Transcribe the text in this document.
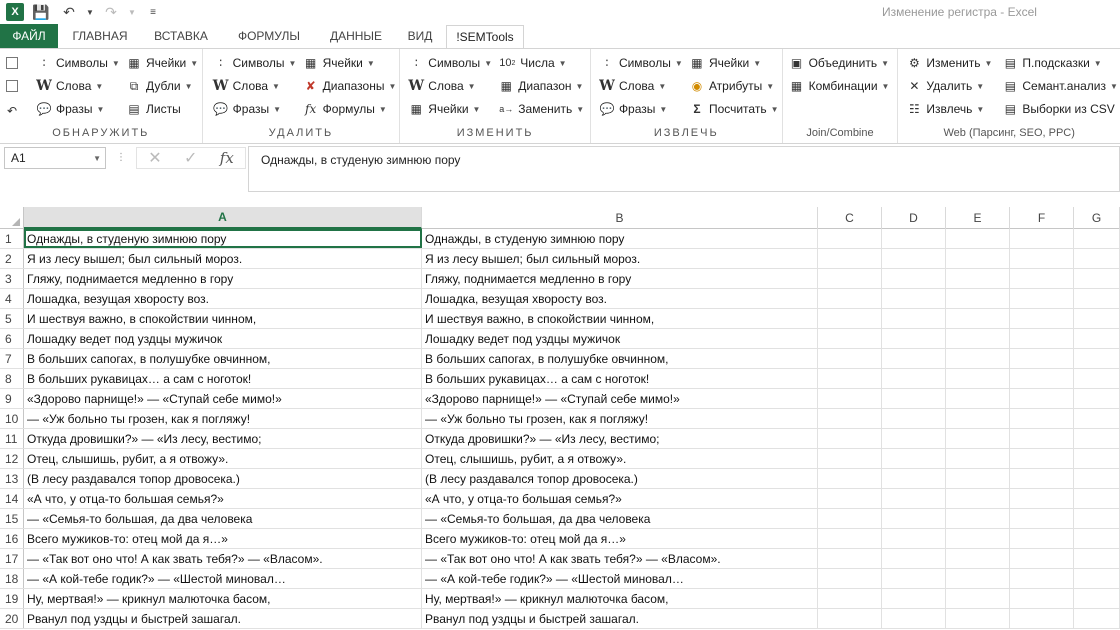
X 💾 ↶	▼ ↷	▼	≡	Изменение регистра - Excel
ФАЙЛ	ГЛАВНАЯ	ВСТАВКА	ФОРМУЛЫ	ДАННЫЕ	ВИД	!SEMTools
↶
∶ Символы ▼
W Слова ▼
💬 Фразы ▼
▦ Ячейки ▼
⧉ Дубли ▼
▤ Листы
ОБНАРУЖИТЬ
∶ Символы ▼
W Слова ▼
💬 Фразы ▼
▦ Ячейки ▼
✘ Диапазоны ▼
fx Формулы ▼
УДАЛИТЬ
∶ Символы ▼
W Слова ▼
▦ Ячейки ▼
10 2 Числа ▼
▦ Диапазон ▼
a→ Заменить ▼
ИЗМЕНИТЬ
∶ Символы ▼
W Слова ▼
💬 Фразы ▼
▦ Ячейки ▼
◉ Атрибуты ▼
Σ Посчитать ▼
ИЗВЛЕЧЬ
▣ Объединить ▼
▦ Комбинации ▼
Join/Combine
⚙ Изменить ▼
✕ Удалить ▼
☷ Извлечь ▼
▤ П.подсказки ▼
▤ Семант.анализ ▼
▤ Выборки из CSV
Web (Парсинг, SEO, PPC)
A1	▼ ⋮ ✕ ✓ fx	Однажды, в студеную зимнюю пору
A	B	C	D	E	F	G
1	Однажды, в студеную зимнюю пору	Однажды, в студеную зимнюю пору
2	Я из лесу вышел; был сильный мороз.	Я из лесу вышел; был сильный мороз.
3	Гляжу, поднимается медленно в гору	Гляжу, поднимается медленно в гору
4	Лошадка, везущая хворосту воз.	Лошадка, везущая хворосту воз.
5	И шествуя важно, в спокойствии чинном,	И шествуя важно, в спокойствии чинном,
6	Лошадку ведет под уздцы мужичок	Лошадку ведет под уздцы мужичок
7	В больших сапогах, в полушубке овчинном,	В больших сапогах, в полушубке овчинном,
8	В больших рукавицах… а сам с ноготок!	В больших рукавицах… а сам с ноготок!
9	«Здорово парнище!» — «Ступай себе мимо!»	«Здорово парнище!» — «Ступай себе мимо!»
10 — «Уж больно ты грозен, как я погляжу!	— «Уж больно ты грозен, как я погляжу!
11 Откуда дровишки?» — «Из лесу, вестимо;	Откуда дровишки?» — «Из лесу, вестимо;
12 Отец, слышишь, рубит, а я отвожу».	Отец, слышишь, рубит, а я отвожу».
13 (В лесу раздавался топор дровосека.)	(В лесу раздавался топор дровосека.)
14 «А что, у отца-то большая семья?»	«А что, у отца-то большая семья?»
15 — «Семья-то большая, да два человека	— «Семья-то большая, да два человека
16 Всего мужиков-то: отец мой да я…»	Всего мужиков-то: отец мой да я…»
17 — «Так вот оно что! А как звать тебя?» — «Власом».	— «Так вот оно что! А как звать тебя?» — «Власом».
18 — «А кой-тебе годик?» — «Шестой миновал…	— «А кой-тебе годик?» — «Шестой миновал…
19 Ну, мертвая!» — крикнул малюточка басом,	Ну, мертвая!» — крикнул малюточка басом,
20 Рванул под уздцы и быстрей зашагал.	Рванул под уздцы и быстрей зашагал.
